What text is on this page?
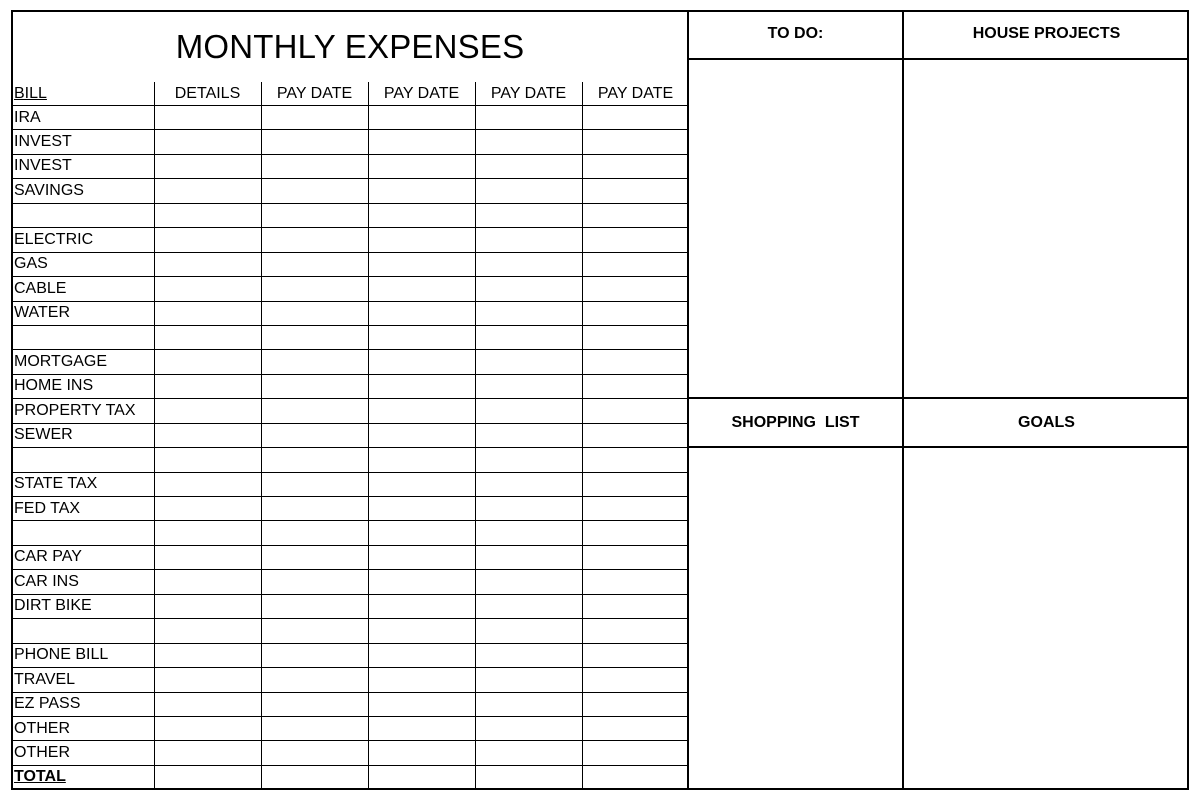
MONTHLY EXPENSES	TO DO:	HOUSE PROJECTS
SHOPPING  LIST	GOALS
BILL	DETAILS	PAY DATE	PAY DATE	PAY DATE	PAY DATE
IRA
INVEST
INVEST
SAVINGS
ELECTRIC
GAS
CABLE
WATER
MORTGAGE
HOME INS
PROPERTY TAX
SEWER
STATE TAX
FED TAX
CAR PAY
CAR INS
DIRT BIKE
PHONE BILL
TRAVEL
EZ PASS
OTHER
OTHER
TOTAL
